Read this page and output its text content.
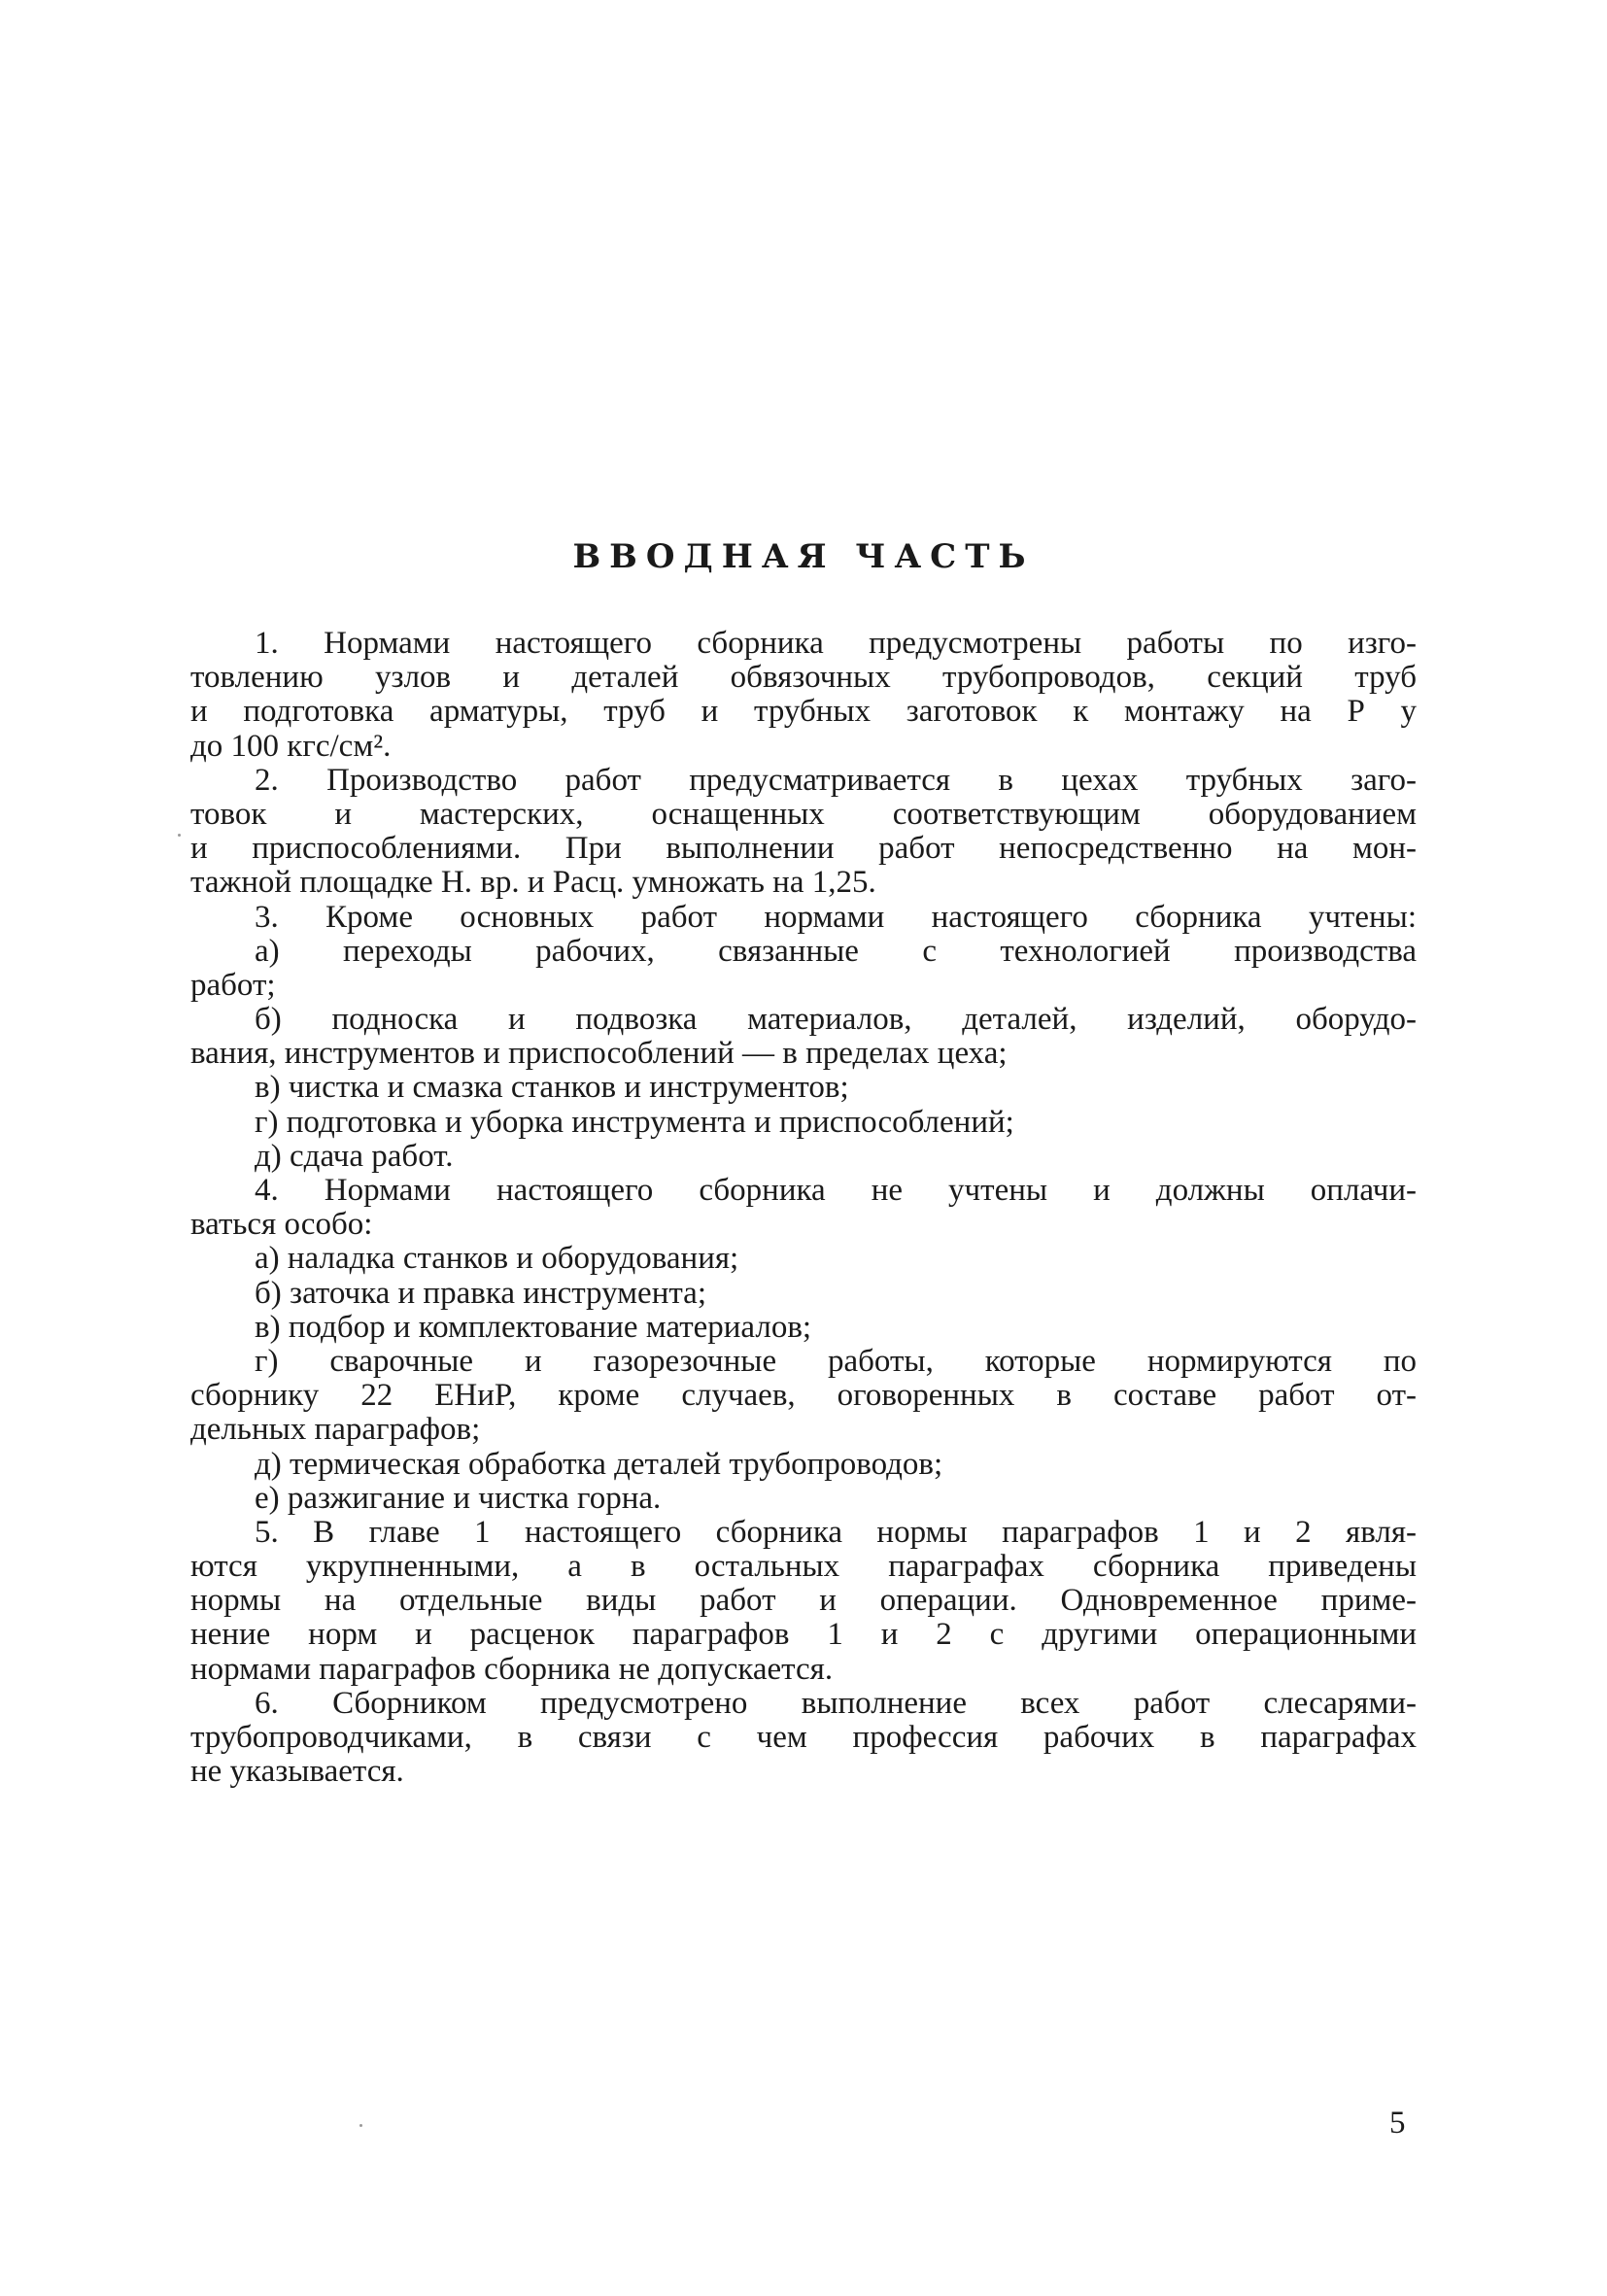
ВВОДНАЯ ЧАСТЬ
1. Нормами настоящего сборника предусмотрены работы по изго-
товлению узлов и деталей обвязочных трубопроводов, секций труб
и подготовка арматуры, труб и трубных заготовок к монтажу на Р у
до 100 кгс/см².
2. Производство работ предусматривается в цехах трубных заго-
товок и мастерских, оснащенных соответствующим оборудованием
и приспособлениями. При выполнении работ непосредственно на мон-
тажной площадке Н. вр. и Расц. умножать на 1,25.
3. Кроме основных работ нормами настоящего сборника учтены:
а) переходы рабочих, связанные с технологией производства
работ;
б) подноска и подвозка материалов, деталей, изделий, оборудо-
вания, инструментов и приспособлений — в пределах цеха;
в) чистка и смазка станков и инструментов;
г) подготовка и уборка инструмента и приспособлений;
д) сдача работ.
4. Нормами настоящего сборника не учтены и должны оплачи-
ваться особо:
а) наладка станков и оборудования;
б) заточка и правка инструмента;
в) подбор и комплектование материалов;
г) сварочные и газорезочные работы, которые нормируются по
сборнику 22 ЕНиР, кроме случаев, оговоренных в составе работ от-
дельных параграфов;
д) термическая обработка деталей трубопроводов;
е) разжигание и чистка горна.
5. В главе 1 настоящего сборника нормы параграфов 1 и 2 явля-
ются укрупненными, а в остальных параграфах сборника приведены
нормы на отдельные виды работ и операции. Одновременное приме-
нение норм и расценок параграфов 1 и 2 с другими операционными
нормами параграфов сборника не допускается.
6. Сборником предусмотрено выполнение всех работ слесарями-
трубопроводчиками, в связи с чем профессия рабочих в параграфах
не указывается.
5
